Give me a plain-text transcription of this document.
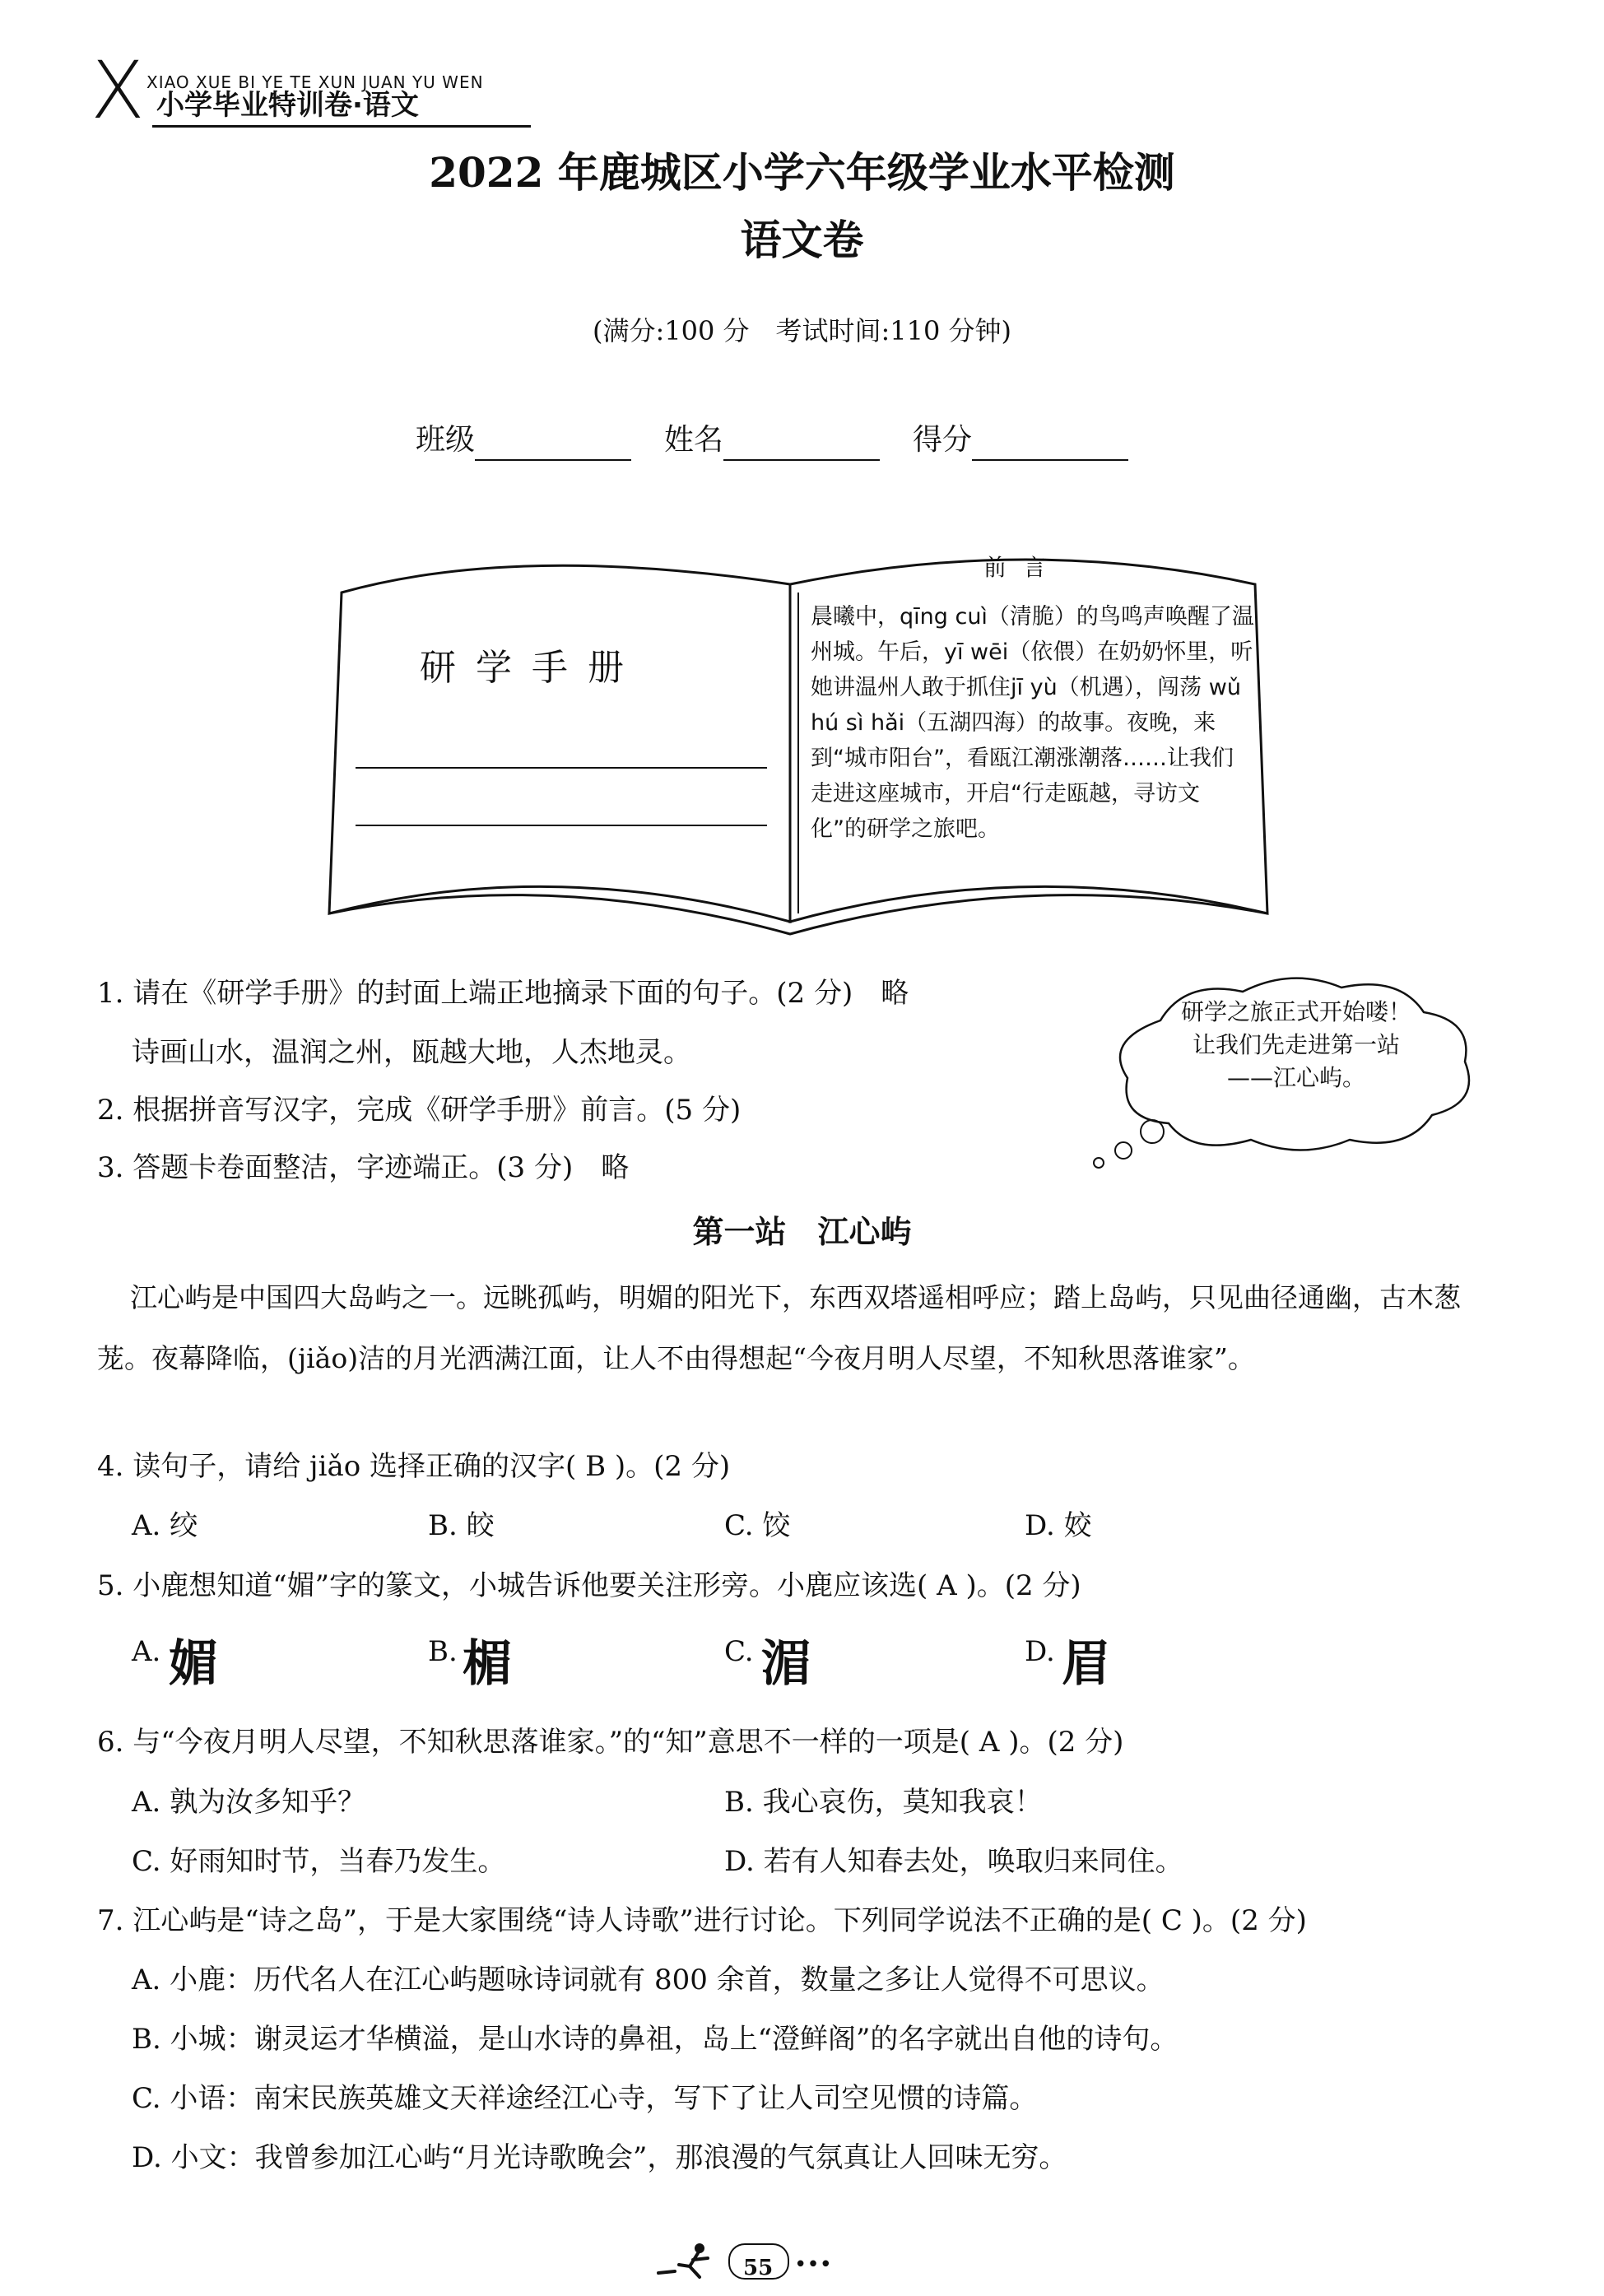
X XIAO XUE BI YE TE XUN JUAN YU WEN
小学毕业特训卷·语文
2022 年鹿城区小学六年级学业水平检测
语文卷
(满分:100 分　考试时间:110 分钟)
班级	姓名	得分
研学手册
前言
晨曦中，qīng cuì（清脆）的鸟鸣声唤醒了温州城。午后，yī wēi（依偎）在奶奶怀里，听她讲温州人敢于抓住jī yù（机遇），闯荡 wǔ hú sì hǎi（五湖四海）的故事。夜晚，来到“城市阳台”，看瓯江潮涨潮落……让我们走进这座城市，开启“行走瓯越，寻访文化”的研学之旅吧。
研学之旅正式开始喽！让我们先走进第一站——江心屿。
1. 请在《研学手册》的封面上端正地摘录下面的句子。(2 分)　略
诗画山水，温润之州，瓯越大地，人杰地灵。
2. 根据拼音写汉字，完成《研学手册》前言。(5 分)
3. 答题卡卷面整洁，字迹端正。(3 分)　略
第一站　江心屿
江心屿是中国四大岛屿之一。远眺孤屿，明媚的阳光下，东西双塔遥相呼应；踏上岛屿，只见曲径通幽，古木葱茏。夜幕降临，(jiǎo)洁的月光洒满江面，让人不由得想起“今夜月明人尽望，不知秋思落谁家”。
4. 读句子，请给 jiǎo 选择正确的汉字( B )。(2 分)
A. 绞	B. 皎	C. 饺	D. 姣
5. 小鹿想知道“媚”字的篆文，小城告诉他要关注形旁。小鹿应该选( A )。(2 分)
A. 媚	B. 楣	C. 湄	D. 眉
6. 与“今夜月明人尽望，不知秋思落谁家。”的“知”意思不一样的一项是( A )。(2 分)
A. 孰为汝多知乎？	B. 我心哀伤，莫知我哀！
C. 好雨知时节，当春乃发生。	D. 若有人知春去处，唤取归来同住。
7. 江心屿是“诗之岛”，于是大家围绕“诗人诗歌”进行讨论。下列同学说法不正确的是( C )。(2 分)
A. 小鹿：历代名人在江心屿题咏诗词就有 800 余首，数量之多让人觉得不可思议。
B. 小城：谢灵运才华横溢，是山水诗的鼻祖，岛上“澄鲜阁”的名字就出自他的诗句。
C. 小语：南宋民族英雄文天祥途经江心寺，写下了让人司空见惯的诗篇。
D. 小文：我曾参加江心屿“月光诗歌晚会”，那浪漫的气氛真让人回味无穷。
55 •••
